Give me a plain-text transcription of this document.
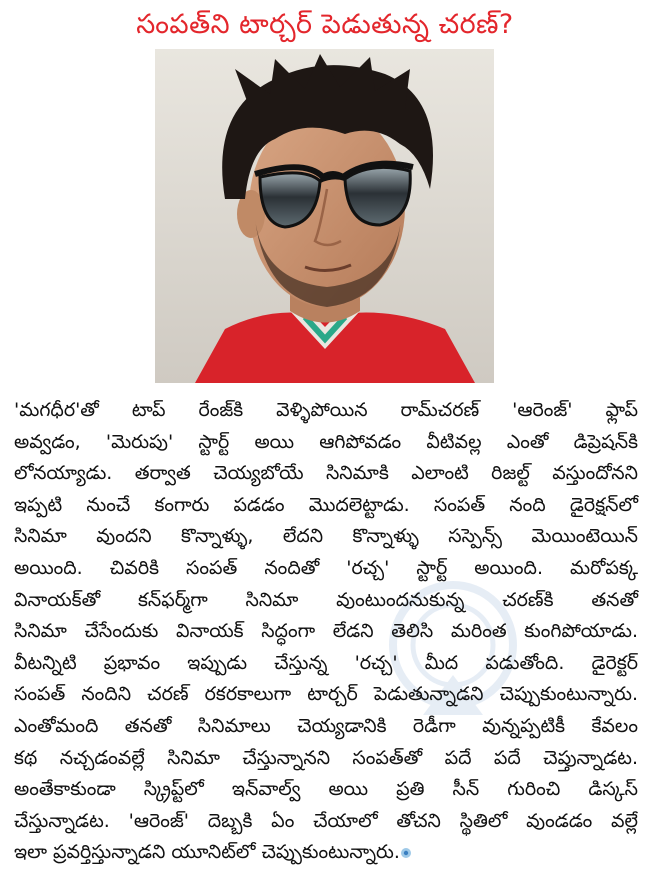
సంపత్‌ని టార్చర్ పెడుతున్న చరణ్?
'మగధీర'తో టాప్ రేంజ్‌కి వెళ్ళిపోయిన రామ్‌చరణ్ 'ఆరెంజ్' ఫ్లాప్
అవ్వడం, 'మెరుపు' స్టార్ట్ అయి ఆగిపోవడం వీటివల్ల ఎంతో డిప్రెషన్‌కి
లోనయ్యాడు. తర్వాత చెయ్యబోయే సినిమాకి ఎలాంటి రిజల్ట్ వస్తుందోనని
ఇప్పటి నుంచే కంగారు పడడం మొదలెట్టాడు. సంపత్ నంది డైరెక్షన్‌లో
సినిమా వుందని కొన్నాళ్ళు, లేదని కొన్నాళ్ళు సస్పెన్స్ మెయింటెయిన్
అయింది. చివరికి సంపత్ నందితో 'రచ్చ' స్టార్ట్ అయింది. మరోపక్క
వినాయక్‌తో కన్‌ఫర్మ్‌గా సినిమా వుంటుందనుకున్న చరణ్‌కి తనతో
సినిమా చేసేందుకు వినాయక్ సిద్ధంగా లేడని తెలిసి మరింత కుంగిపోయాడు.
వీటన్నిటి ప్రభావం ఇప్పుడు చేస్తున్న 'రచ్చ' మీద పడుతోంది. డైరెక్టర్
సంపత్ నందిని చరణ్ రకరకాలుగా టార్చర్ పెడుతున్నాడని చెప్పుకుంటున్నారు.
ఎంతోమంది తనతో సినిమాలు చెయ్యడానికి రెడీగా వున్నప్పటికీ కేవలం
కథ నచ్చడంవల్లే సినిమా చేస్తున్నానని సంపత్‌తో పదే పదే చెప్తున్నాడట.
అంతేకాకుండా స్క్రిప్ట్‌లో ఇన్‌వాల్వ్ అయి ప్రతి సీన్ గురించి డిస్కస్
చేస్తున్నాడట. 'ఆరెంజ్' దెబ్బకి ఏం చేయాలో తోచని స్థితిలో వుండడం వల్లే
ఇలా ప్రవర్తిస్తున్నాడని యూనిట్‌లో చెప్పుకుంటున్నారు.
